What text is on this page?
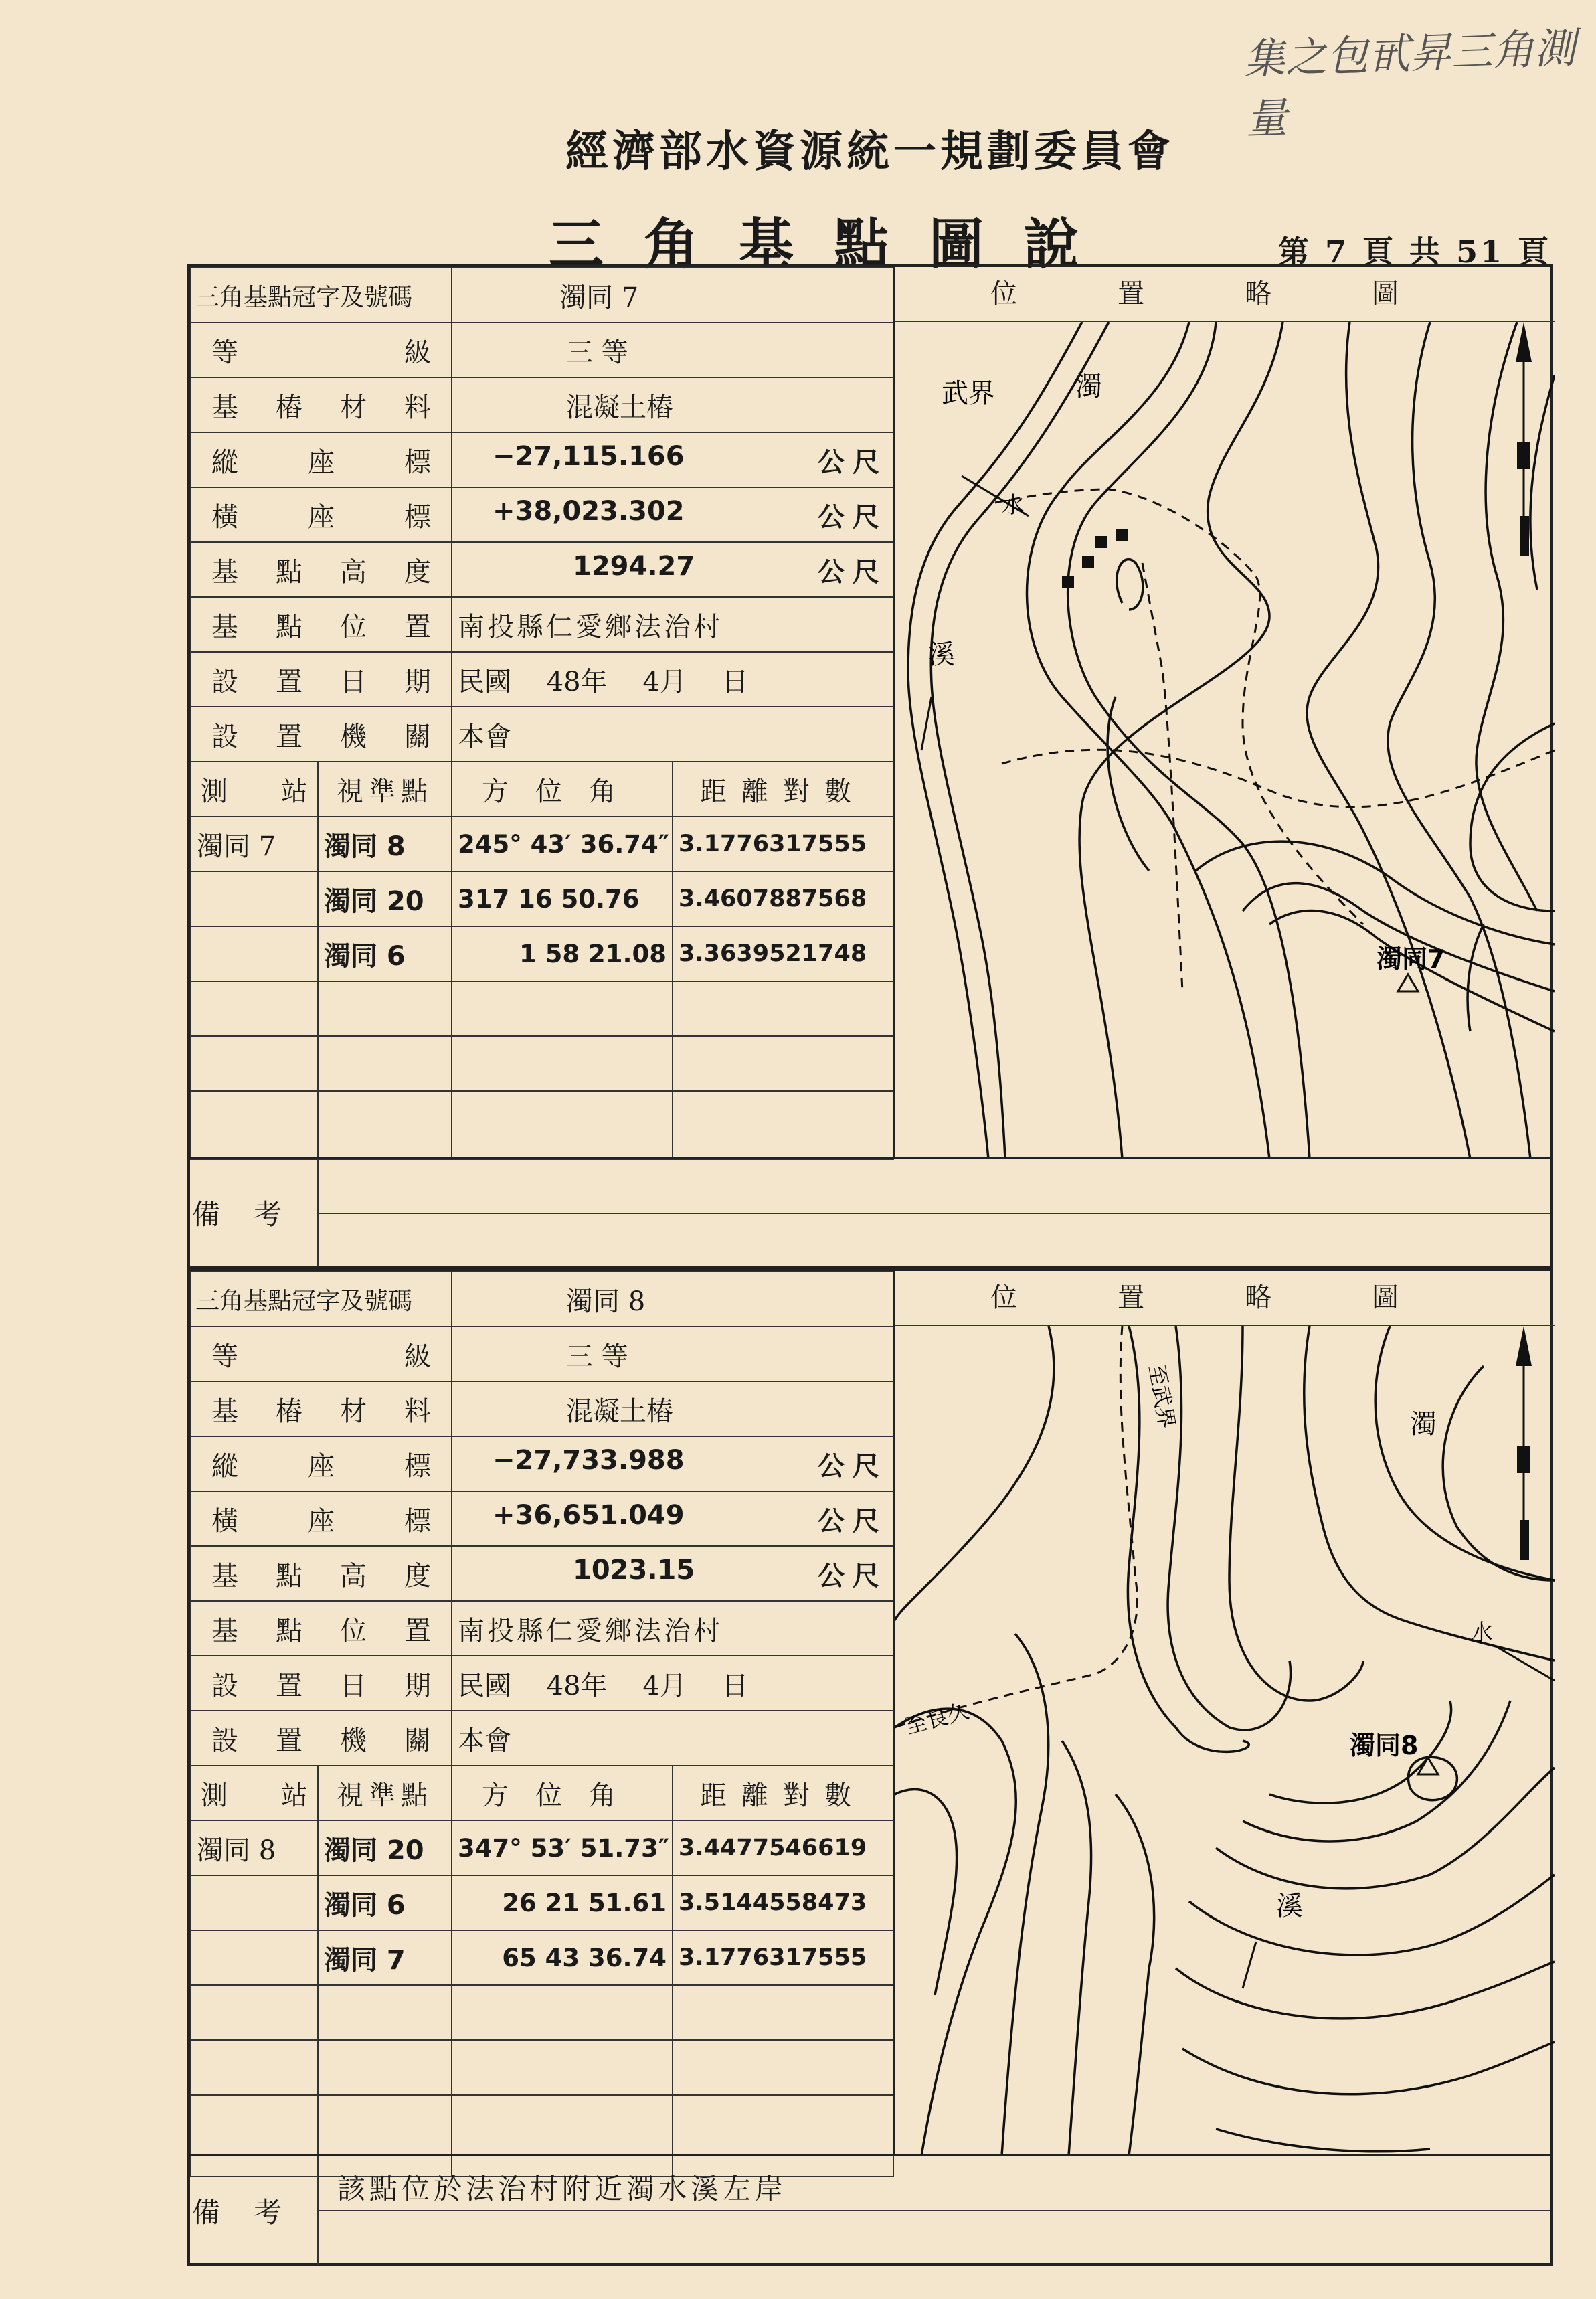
集之包甙昇三角測量
經濟部水資源統一規劃委員會
三角基點圖說	第 7 頁 共 51 頁
三角基點冠字及號碼		濁同 7	
等級		三 等	
基樁材料		混凝土樁	
縱座標		−27,115.166 公尺	

橫座標		+38,023.302 公尺	

基點高度		1294.27 公尺	

基點位置		南投縣仁愛鄉法治村	
設置日期		民國 48年 4月 日	
設置機關		本會	
測站	視準點	方位角	距離對數
濁同 7	濁同 8	245° 43′ 36.74″	3.1776317555
	濁同 20	317 16 50.76	3.4607887568
	濁同 6	1 58 21.08	3.3639521748

位置略圖
武界	濁
水
溪
濁同7
備考
三角基點冠字及號碼		濁同 8	
等級		三 等	
基樁材料		混凝土樁	
縱座標		−27,733.988 公尺	

橫座標		+36,651.049 公尺	

基點高度		1023.15 公尺	

基點位置		南投縣仁愛鄉法治村	
設置日期		民國 48年 4月 日	
設置機關		本會	
測站	視準點	方位角	距離對數
濁同 8	濁同 20	347° 53′ 51.73″	3.4477546619
	濁同 6	26 21 51.61	3.5144558473
	濁同 7	65 43 36.74	3.1776317555

位置略圖
至武界	濁
水
溪
至良久
濁同8
備考
該點位於法治村附近濁水溪左岸
